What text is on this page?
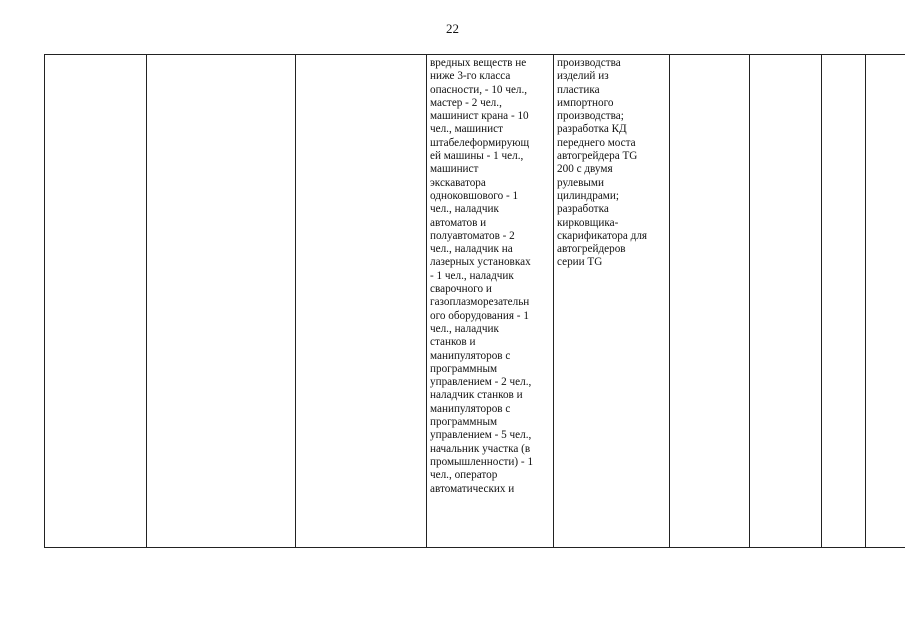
22

вредных веществ не
ниже 3-го класса
опасности, - 10 чел.,
мастер - 2 чел.,
машинист крана - 10
чел., машинист
штабелеформирующ
ей машины - 1 чел.,
машинист
экскаватора
одноковшового - 1
чел., наладчик
автоматов и
полуавтоматов - 2
чел., наладчик на
лазерных установках
- 1 чел., наладчик
сварочного и
газоплазморезательн
ого оборудования - 1
чел., наладчик
станков и
манипуляторов с
программным
управлением - 2 чел.,
наладчик станков и
манипуляторов с
программным
управлением - 5 чел.,
начальник участка (в
промышленности) - 1
чел., оператор
автоматических и

производства
изделий из
пластика
импортного
производства;
разработка КД
переднего моста
автогрейдера TG
200 с двумя
рулевыми
цилиндрами;
разработка
кирковщика-
скарификатора для
автогрейдеров
серии TG
